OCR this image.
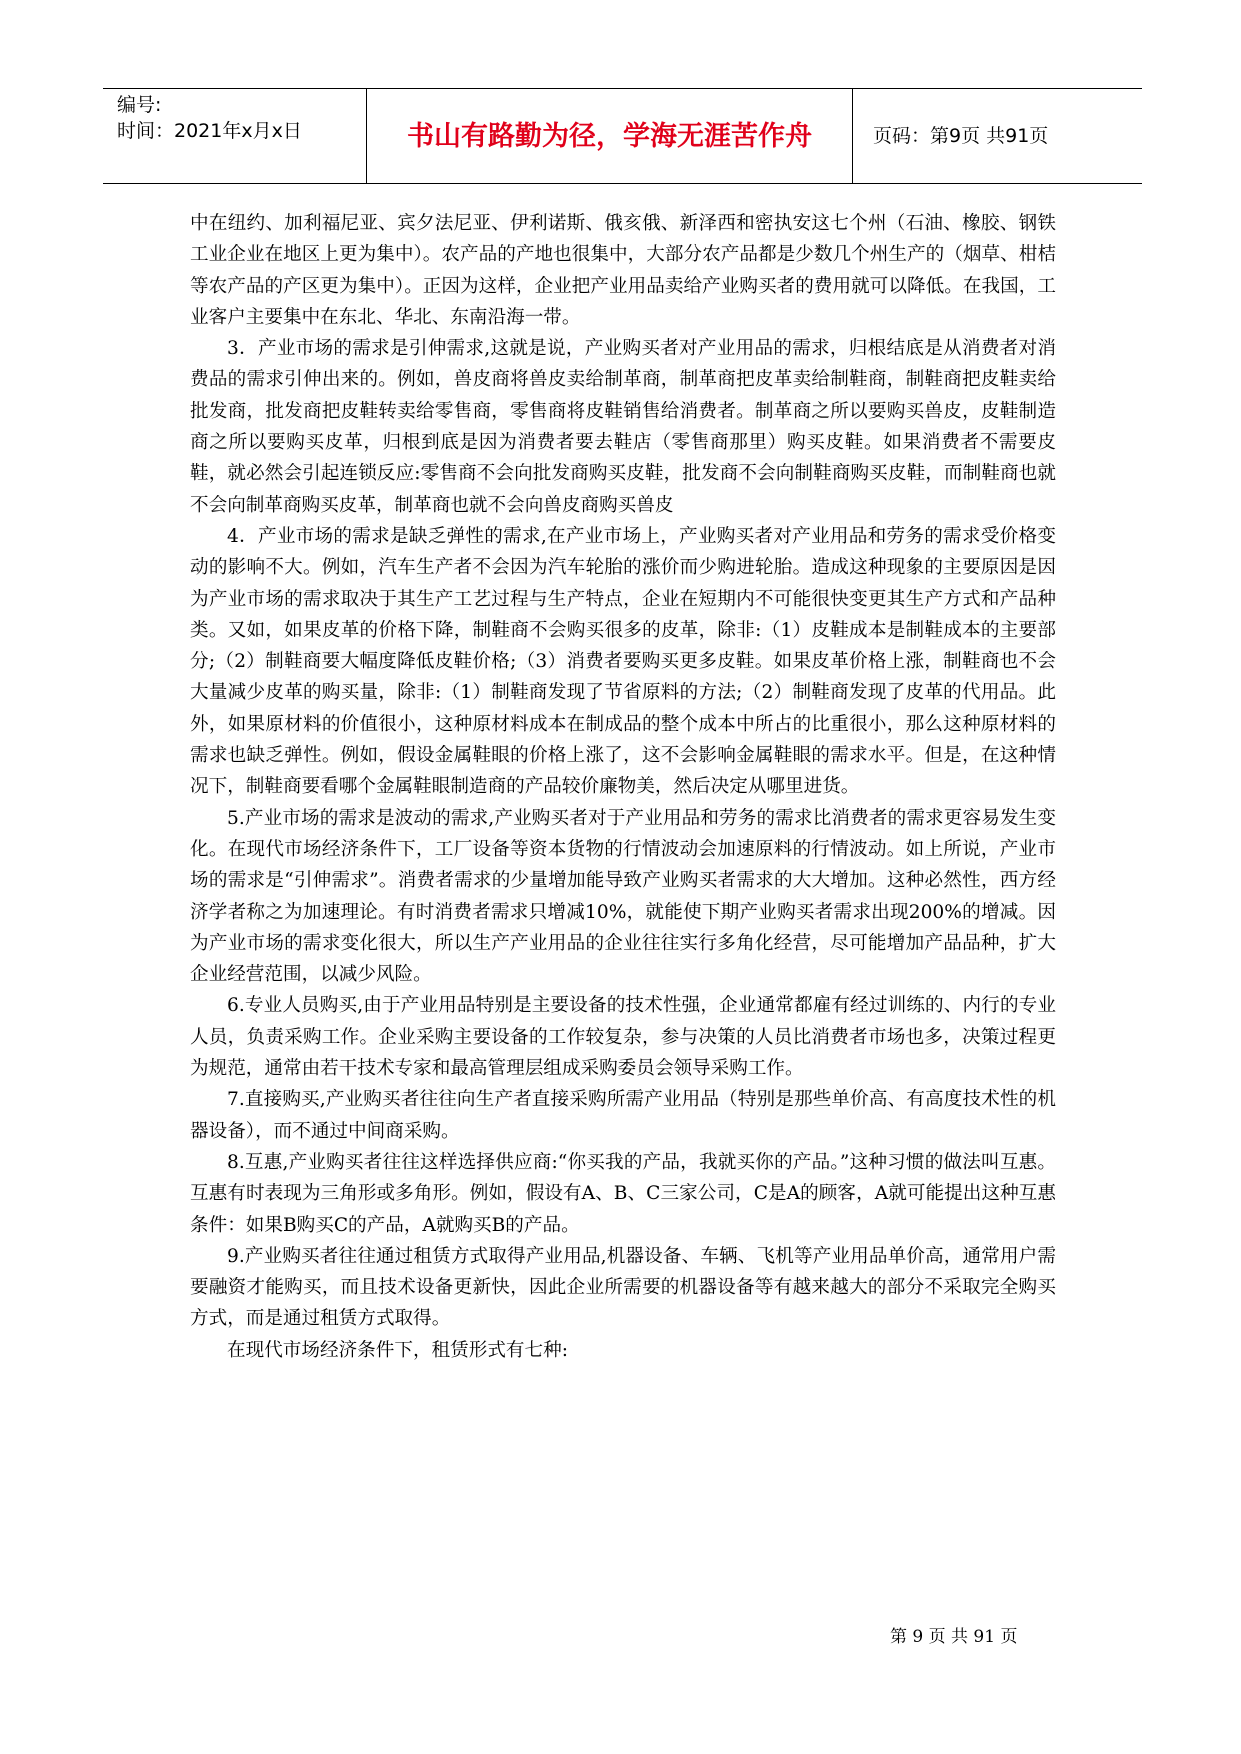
编号:
时间：2021年x月x日	书山有路勤为径，学海无涯苦作舟	页码：第9页 共91页

中在纽约、加利福尼亚、宾夕法尼亚、伊利诺斯、俄亥俄、新泽西和密执安这七个州（石油、橡胶、钢铁工业企业在地区上更为集中）。农产品的产地也很集中，大部分农产品都是少数几个州生产的（烟草、柑桔等农产品的产区更为集中）。正因为这样，企业把产业用品卖给产业购买者的费用就可以降低。在我国，工业客户主要集中在东北、华北、东南沿海一带。

3．产业市场的需求是引伸需求,这就是说，产业购买者对产业用品的需求，归根结底是从消费者对消费品的需求引伸出来的。例如，兽皮商将兽皮卖给制革商，制革商把皮革卖给制鞋商，制鞋商把皮鞋卖给批发商，批发商把皮鞋转卖给零售商，零售商将皮鞋销售给消费者。制革商之所以要购买兽皮，皮鞋制造商之所以要购买皮革，归根到底是因为消费者要去鞋店（零售商那里）购买皮鞋。如果消费者不需要皮鞋，就必然会引起连锁反应:零售商不会向批发商购买皮鞋，批发商不会向制鞋商购买皮鞋，而制鞋商也就不会向制革商购买皮革，制革商也就不会向兽皮商购买兽皮

4．产业市场的需求是缺乏弹性的需求,在产业市场上，产业购买者对产业用品和劳务的需求受价格变动的影响不大。例如，汽车生产者不会因为汽车轮胎的涨价而少购进轮胎。造成这种现象的主要原因是因为产业市场的需求取决于其生产工艺过程与生产特点，企业在短期内不可能很快变更其生产方式和产品种类。又如，如果皮革的价格下降，制鞋商不会购买很多的皮革，除非:（1）皮鞋成本是制鞋成本的主要部分;（2）制鞋商要大幅度降低皮鞋价格;（3）消费者要购买更多皮鞋。如果皮革价格上涨，制鞋商也不会大量减少皮革的购买量，除非:（1）制鞋商发现了节省原料的方法;（2）制鞋商发现了皮革的代用品。此外，如果原材料的价值很小，这种原材料成本在制成品的整个成本中所占的比重很小，那么这种原材料的需求也缺乏弹性。例如，假设金属鞋眼的价格上涨了，这不会影响金属鞋眼的需求水平。但是，在这种情况下，制鞋商要看哪个金属鞋眼制造商的产品较价廉物美，然后决定从哪里进货。

5.产业市场的需求是波动的需求,产业购买者对于产业用品和劳务的需求比消费者的需求更容易发生变化。在现代市场经济条件下，工厂设备等资本货物的行情波动会加速原料的行情波动。如上所说，产业市场的需求是“引伸需求”。消费者需求的少量增加能导致产业购买者需求的大大增加。这种必然性，西方经济学者称之为加速理论。有时消费者需求只增减10%，就能使下期产业购买者需求出现200%的增减。因为产业市场的需求变化很大，所以生产产业用品的企业往往实行多角化经营，尽可能增加产品品种，扩大企业经营范围，以减少风险。

6.专业人员购买,由于产业用品特别是主要设备的技术性强，企业通常都雇有经过训练的、内行的专业人员，负责采购工作。企业采购主要设备的工作较复杂，参与决策的人员比消费者市场也多，决策过程更为规范，通常由若干技术专家和最高管理层组成采购委员会领导采购工作。

7.直接购买,产业购买者往往向生产者直接采购所需产业用品（特别是那些单价高、有高度技术性的机器设备），而不通过中间商采购。

8.互惠,产业购买者往往这样选择供应商:“你买我的产品，我就买你的产品。”这种习惯的做法叫互惠。互惠有时表现为三角形或多角形。例如，假设有A、B、C三家公司，C是A的顾客，A就可能提出这种互惠条件：如果B购买C的产品，A就购买B的产品。

9.产业购买者往往通过租赁方式取得产业用品,机器设备、车辆、飞机等产业用品单价高，通常用户需要融资才能购买，而且技术设备更新快，因此企业所需要的机器设备等有越来越大的部分不采取完全购买方式，而是通过租赁方式取得。

在现代市场经济条件下，租赁形式有七种:

第 9 页 共 91 页
